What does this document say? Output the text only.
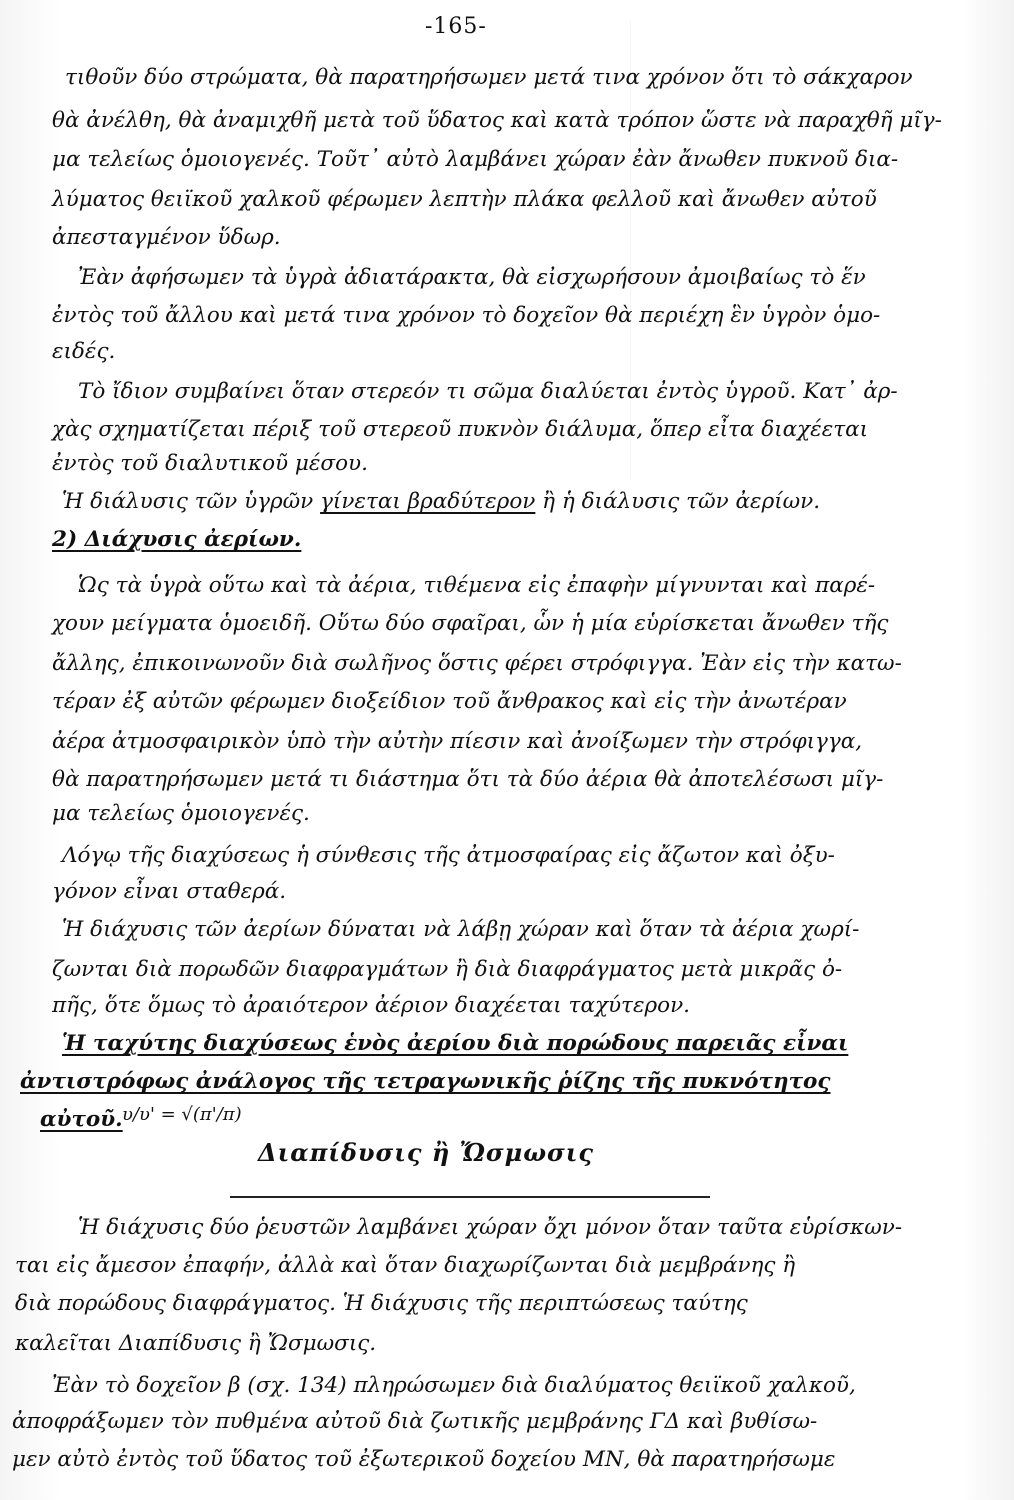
-165-
τιθοῦν δύο στρώματα, θὰ παρατηρήσωμεν μετά τινα χρόνον ὅτι τὸ σάκχαρον
θὰ ἀνέλθη, θὰ ἀναμιχθῆ μετὰ τοῦ ὕδατος καὶ κατὰ τρόπον ὥστε νὰ παραχθῆ μῖγ-
μα τελείως ὁμοιογενές. Τοῦτ᾽ αὐτὸ λαμβάνει χώραν ἐὰν ἄνωθεν πυκνοῦ δια-
λύματος θειϊκοῦ χαλκοῦ φέρωμεν λεπτὴν πλάκα φελλοῦ καὶ ἄνωθεν αὐτοῦ
ἀπεσταγμένον ὕδωρ.
Ἐὰν ἀφήσωμεν τὰ ὑγρὰ ἀδιατάρακτα, θὰ εἰσχωρήσουν ἀμοιβαίως τὸ ἕν
ἐντὸς τοῦ ἄλλου καὶ μετά τινα χρόνον τὸ δοχεῖον θὰ περιέχη ἓν ὑγρὸν ὁμο-
ειδές.
Τὸ ἴδιον συμβαίνει ὅταν στερεόν τι σῶμα διαλύεται ἐντὸς ὑγροῦ. Κατ᾽ ἀρ-
χὰς σχηματίζεται πέριξ τοῦ στερεοῦ πυκνὸν διάλυμα, ὅπερ εἶτα διαχέεται
ἐντὸς τοῦ διαλυτικοῦ μέσου.
Ἡ διάλυσις τῶν ὑγρῶν γίνεται βραδύτερον ἢ ἡ διάλυσις τῶν ἀερίων.
2) Διάχυσις ἀερίων.
Ὡς τὰ ὑγρὰ οὕτω καὶ τὰ ἀέρια, τιθέμενα εἰς ἐπαφὴν μίγνυνται καὶ παρέ-
χουν μείγματα ὁμοειδῆ. Οὕτω δύο σφαῖραι, ὧν ἡ μία εὑρίσκεται ἄνωθεν τῆς
ἄλλης, ἐπικοινωνοῦν διὰ σωλῆνος ὅστις φέρει στρόφιγγα. Ἐὰν εἰς τὴν κατω-
τέραν ἐξ αὐτῶν φέρωμεν διοξείδιον τοῦ ἄνθρακος καὶ εἰς τὴν ἀνωτέραν
ἀέρα ἀτμοσφαιρικὸν ὑπὸ τὴν αὐτὴν πίεσιν καὶ ἀνοίξωμεν τὴν στρόφιγγα,
θὰ παρατηρήσωμεν μετά τι διάστημα ὅτι τὰ δύο ἀέρια θὰ ἀποτελέσωσι μῖγ-
μα τελείως ὁμοιογενές.
Λόγῳ τῆς διαχύσεως ἡ σύνθεσις τῆς ἀτμοσφαίρας εἰς ἄζωτον καὶ ὀξυ-
γόνον εἶναι σταθερά.
Ἡ διάχυσις τῶν ἀερίων δύναται νὰ λάβῃ χώραν καὶ ὅταν τὰ ἀέρια χωρί-
ζωνται διὰ πορωδῶν διαφραγμάτων ἢ διὰ διαφράγματος μετὰ μικρᾶς ὀ-
πῆς, ὅτε ὅμως τὸ ἀραιότερον ἀέριον διαχέεται ταχύτερον.
Ἡ ταχύτης διαχύσεως ἑνὸς ἀερίου διὰ πορώδους παρειᾶς εἶναι
ἀντιστρόφως ἀνάλογος τῆς τετραγωνικῆς ῥίζης τῆς πυκνότητος
αὐτοῦ. υ/υ' = √(π'/π)
Διαπίδυσις ἢ Ὤσμωσις
Ἡ διάχυσις δύο ῥευστῶν λαμβάνει χώραν ὄχι μόνον ὅταν ταῦτα εὑρίσκων-
ται εἰς ἄμεσον ἐπαφήν, ἀλλὰ καὶ ὅταν διαχωρίζωνται διὰ μεμβράνης ἢ
διὰ πορώδους διαφράγματος. Ἡ διάχυσις τῆς περιπτώσεως ταύτης
καλεῖται Διαπίδυσις ἢ Ὤσμωσις.
Ἐὰν τὸ δοχεῖον β (σχ. 134) πληρώσωμεν διὰ διαλύματος θειϊκοῦ χαλκοῦ,
ἀποφράξωμεν τὸν πυθμένα αὐτοῦ διὰ ζωτικῆς μεμβράνης ΓΔ καὶ βυθίσω-
μεν αὐτὸ ἐντὸς τοῦ ὕδατος τοῦ ἐξωτερικοῦ δοχείου ΜΝ, θὰ παρατηρήσωμε
